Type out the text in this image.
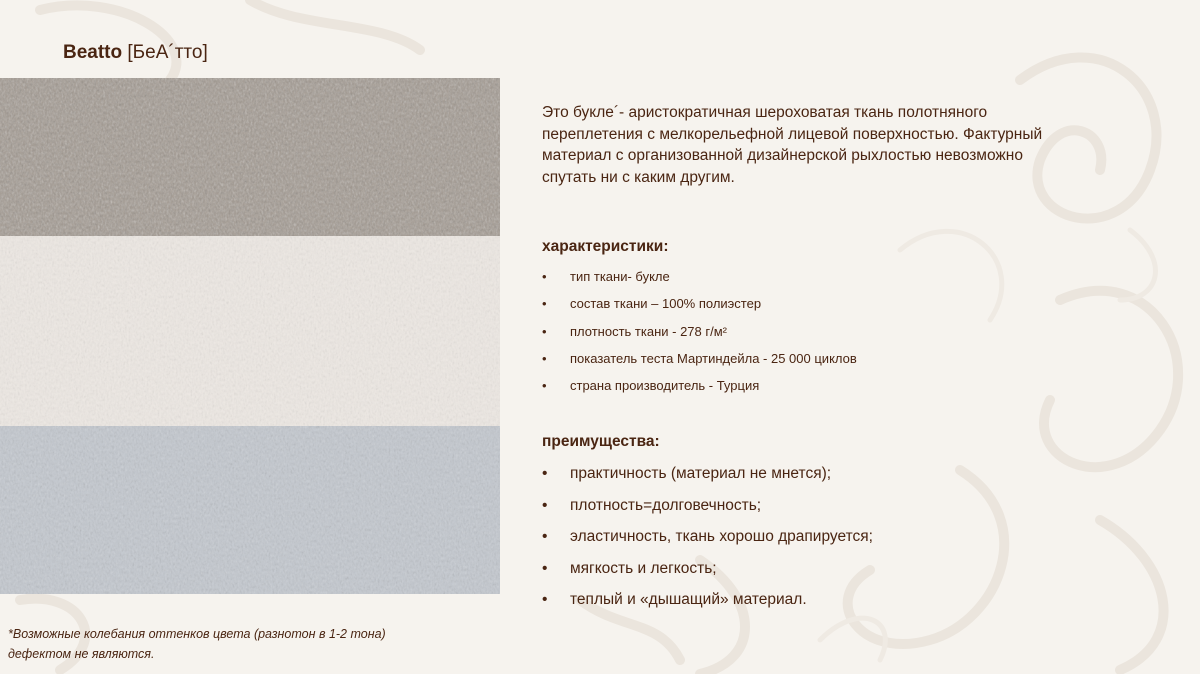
Beatto [БеА´тто]
Это букле´- аристократичная шероховатая ткань полотняного переплетения с мелкорельефной лицевой поверхностью. Фактурный материал с организованной дизайнерской рыхлостью невозможно спутать ни с каким другим.
характеристики:
• тип ткани- букле
• состав ткани – 100% полиэстер
• плотность ткани - 278 г/м²
• показатель теста Мартиндейла - 25 000 циклов
• страна производитель - Турция
преимущества:
• практичность (материал не мнется);
• плотность=долговечность;
• эластичность, ткань хорошо драпируется;
• мягкость и легкость;
• теплый и «дышащий» материал.
*Возможные колебания оттенков цвета (разнотон в 1-2 тона) дефектом не являются.
